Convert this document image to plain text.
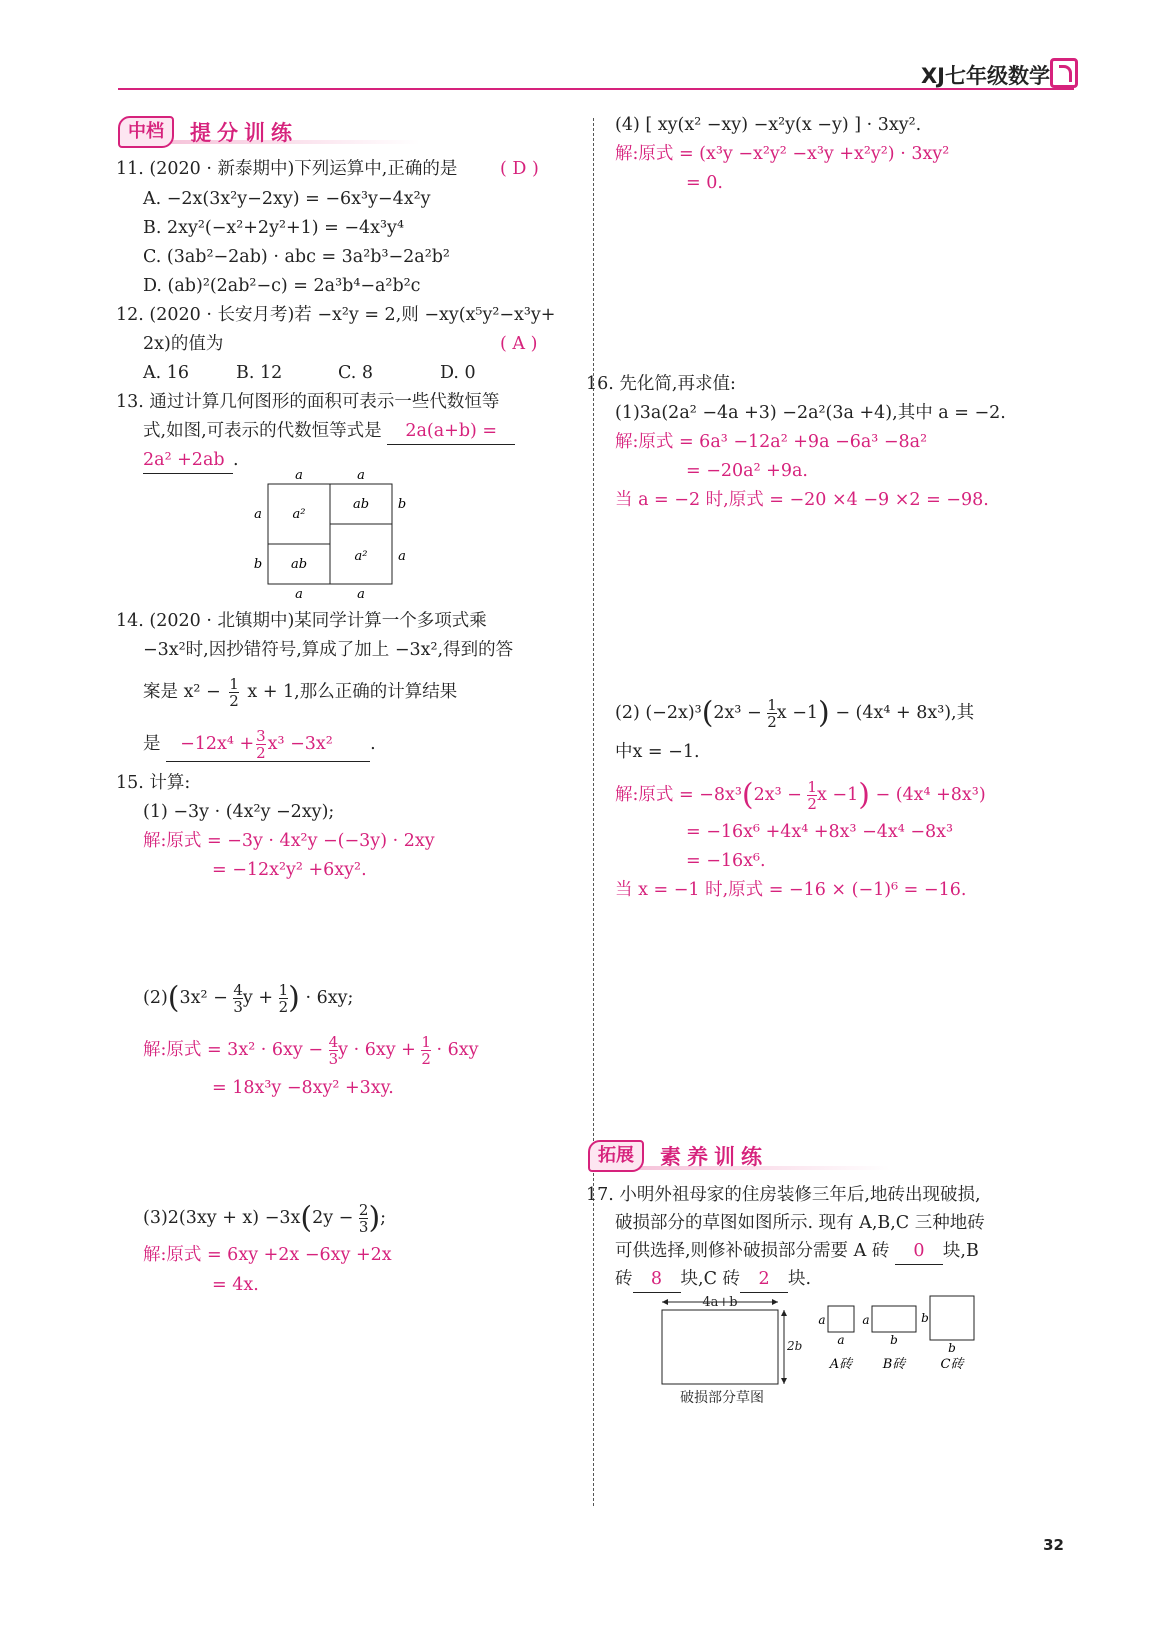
XJ七年级数学
中档	提分训练
11. (2020 · 新泰期中)下列运算中,正确的是 ( D )
A. −2x(3x²y−2xy) = −6x³y−4x²y
B. 2xy²(−x²+2y²+1) = −4x³y⁴
C. (3ab²−2ab) · abc = 3a²b³−2a²b²
D. (ab)²(2ab²−c) = 2a³b⁴−a²b²c
12. (2020 · 长安月考)若 −x²y = 2,则 −xy(x⁵y²−x³y+
2x)的值为	( A )
A. 16	B. 12	C. 8	D. 0
13. 通过计算几何图形的面积可表示一些代数恒等
式,如图,可表示的代数恒等式是 2a(a+b) =
2a² +2ab .
a²
ab
ab
a²
a	a
a	a
a
b
b
a
14. (2020 · 北镇期中)某同学计算一个多项式乘
−3x²时,因抄错符号,算成了加上 −3x²,得到的答
案是 $x^2 - \frac{1}{2}$ x + 1,那么正确的计算结果
是 $-12x^4 + \frac{3}{2} x^3 -3x^2$ .
15. 计算:
(1) −3y · (4x²y −2xy);
解:原式 = −3y · 4x²y −(−3y) · 2xy
= −12x²y² +6xy².
$(2)(3x^2 - \frac{4}{3}$ $y + \frac{1}{2}$ ) · 6xy;
解:原式 = $3x^2 \cdot 6xy - \frac{4}{3}$ $y \cdot 6xy + \frac{1}{2} \cdot 6xy$
= 18x³y −8xy² +3xy.
$(3)2(3xy + x) -3x(2y - \frac{2}{3}$ );
解:原式 = 6xy +2x −6xy +2x
= 4x.
(4) [ xy(x² −xy) −x²y(x −y) ] · 3xy².
解:原式 = (x³y −x²y² −x³y +x²y²) · 3xy²
= 0.
16. 先化简,再求值:
(1)3a(2a² −4a +3) −2a²(3a +4),其中 a = −2.
解:原式 = 6a³ −12a² +9a −6a³ −8a²
= −20a² +9a.
当 a = −2 时,原式 = −20 ×4 −9 ×2 = −98.
(2) $(-2x)^3(2x^3 - \frac{1}{2}$ x −1) − (4x⁴ + 8x³),其
中x = −1.
解:原式 = $-8x^3(2x^3 - \frac{1}{2}$ x −1) − (4x⁴ +8x³)
= −16x⁶ +4x⁴ +8x³ −4x⁴ −8x³
= −16x⁶.
当 x = −1 时,原式 = −16 × (−1)⁶ = −16.
拓展	素养训练
17. 小明外祖母家的住房装修三年后,地砖出现破损,
破损部分的草图如图所示. 现有 A,B,C 三种地砖
可供选择,则修补破损部分需要 A 砖 0 块,B
砖 8 块,C 砖 2 块.
4a+b
2b
破损部分草图
a
a
A砖
a
b
B砖
b
b
C砖
32
